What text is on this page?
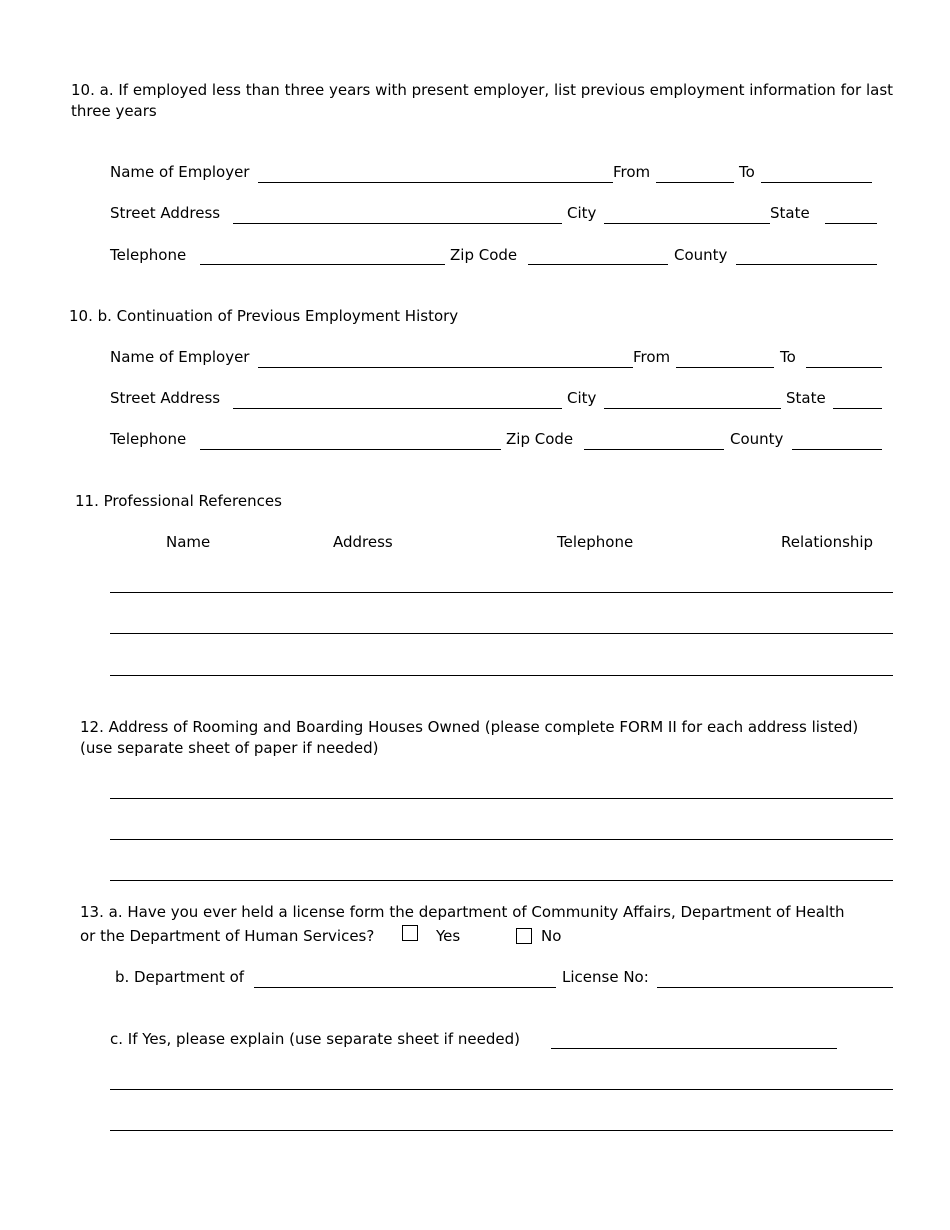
10. a. If employed less than three years with present employer, list previous employment information for last
three years
Name of Employer	From	To
Street Address	City	State
Telephone	Zip Code	County
10. b. Continuation of Previous Employment History
Name of Employer	From	To
Street Address	City	State
Telephone	Zip Code	County
11. Professional References
Name	Address	Telephone	Relationship
12. Address of Rooming and Boarding Houses Owned (please complete FORM II for each address listed)
(use separate sheet of paper if needed)
13. a. Have you ever held a license form the department of Community Affairs, Department of Health
or the Department of Human Services?	Yes	No
b. Department of	License No:
c. If Yes, please explain (use separate sheet if needed)
